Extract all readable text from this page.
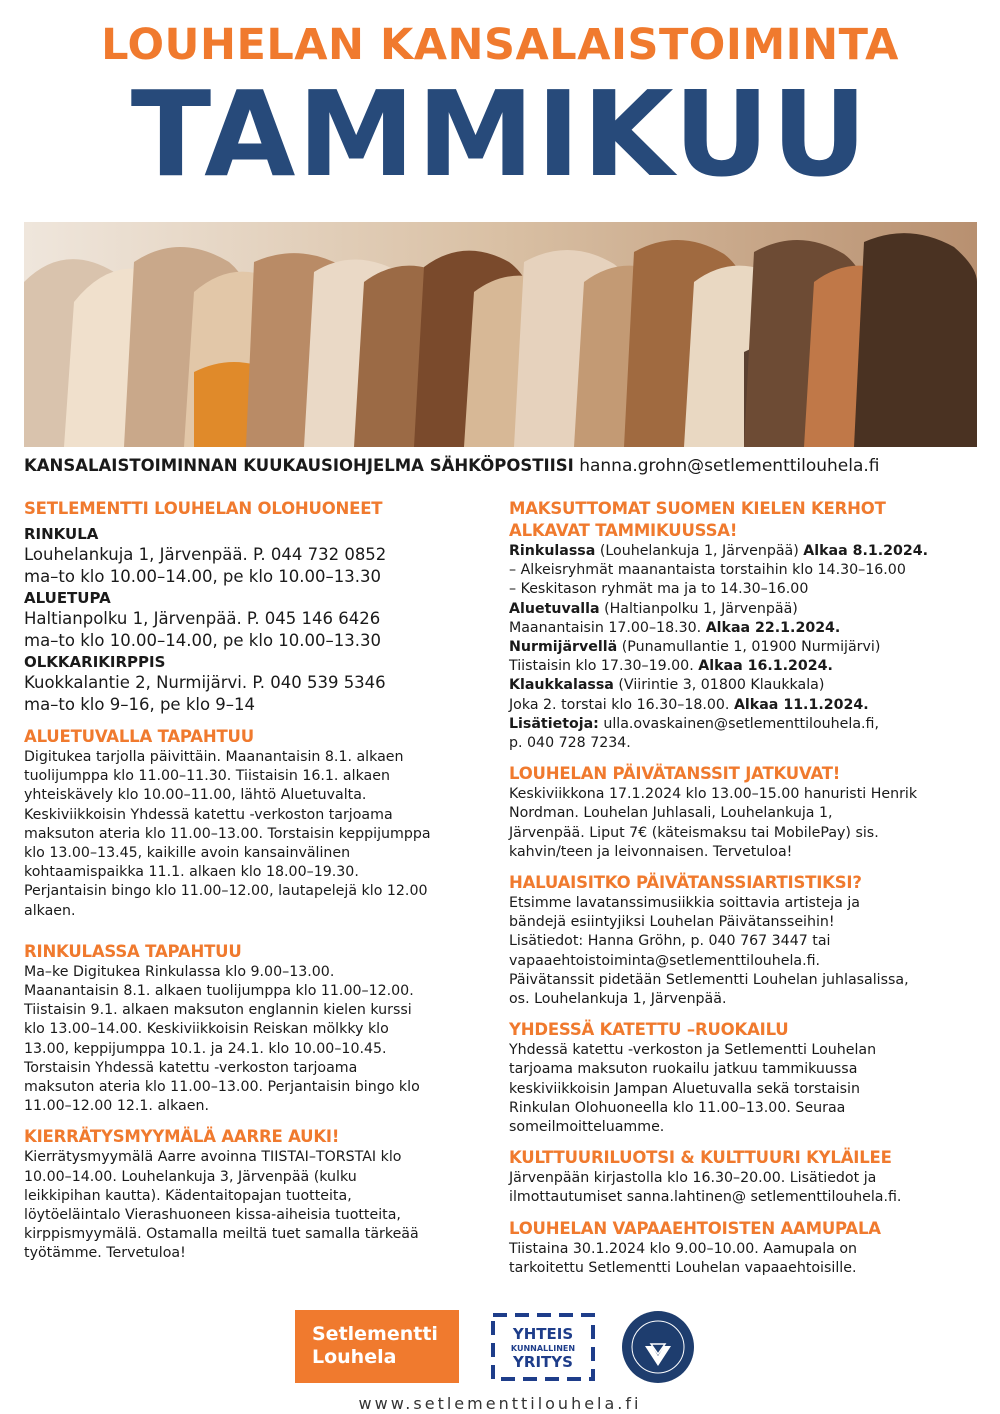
LOUHELAN KANSALAISTOIMINTA
TAMMIKUU
KANSALAISTOIMINNAN KUUKAUSIOHJELMA SÄHKÖPOSTIISI hanna.grohn@setlementtilouhela.fi
SETLEMENTTI LOUHELAN OLOHUONEET
RINKULA
Louhelankuja 1, Järvenpää. P. 044 732 0852
ma–to klo 10.00–14.00, pe klo 10.00–13.30
ALUETUPA
Haltianpolku 1, Järvenpää. P. 045 146 6426
ma–to klo 10.00–14.00, pe klo 10.00–13.30
OLKKARIKIRPPIS
Kuokkalantie 2, Nurmijärvi. P. 040 539 5346
ma–to klo 9–16, pe klo 9–14
ALUETUVALLA TAPAHTUU
Digitukea tarjolla päivittäin. Maanantaisin 8.1. alkaen
tuolijumppa klo 11.00–11.30. Tiistaisin 16.1. alkaen
yhteiskävely klo 10.00–11.00, lähtö Aluetuvalta.
Keskiviikkoisin Yhdessä katettu -verkoston tarjoama
maksuton ateria klo 11.00–13.00. Torstaisin keppijumppa
klo 13.00–13.45, kaikille avoin kansainvälinen
kohtaamispaikka 11.1. alkaen klo 18.00–19.30.
Perjantaisin bingo klo 11.00–12.00, lautapelejä klo 12.00
alkaen.
RINKULASSA TAPAHTUU
Ma–ke Digitukea Rinkulassa klo 9.00–13.00.
Maanantaisin 8.1. alkaen tuolijumppa klo 11.00–12.00.
Tiistaisin 9.1. alkaen maksuton englannin kielen kurssi
klo 13.00–14.00. Keskiviikkoisin Reiskan mölkky klo
13.00, keppijumppa 10.1. ja 24.1. klo 10.00–10.45.
Torstaisin Yhdessä katettu -verkoston tarjoama
maksuton ateria klo 11.00–13.00. Perjantaisin bingo klo
11.00–12.00 12.1. alkaen.
KIERRÄTYSMYYMÄLÄ AARRE AUKI!
Kierrätysmyymälä Aarre avoinna TIISTAI–TORSTAI klo
10.00–14.00. Louhelankuja 3, Järvenpää (kulku
leikkipihan kautta). Kädentaitopajan tuotteita,
löytöeläintalo Vierashuoneen kissa-aiheisia tuotteita,
kirppismyymälä. Ostamalla meiltä tuet samalla tärkeää
työtämme. Tervetuloa!
MAKSUTTOMAT SUOMEN KIELEN KERHOT
ALKAVAT TAMMIKUUSSA!
Rinkulassa (Louhelankuja 1, Järvenpää) Alkaa 8.1.2024.
– Alkeisryhmät maanantaista torstaihin klo 14.30–16.00
– Keskitason ryhmät ma ja to 14.30–16.00
Aluetuvalla (Haltianpolku 1, Järvenpää)
Maanantaisin 17.00–18.30. Alkaa 22.1.2024.
Nurmijärvellä (Punamullantie 1, 01900 Nurmijärvi)
Tiistaisin klo 17.30–19.00. Alkaa 16.1.2024.
Klaukkalassa (Viirintie 3, 01800 Klaukkala)
Joka 2. torstai klo 16.30–18.00. Alkaa 11.1.2024.
Lisätietoja: ulla.ovaskainen@setlementtilouhela.fi,
p. 040 728 7234.
LOUHELAN PÄIVÄTANSSIT JATKUVAT!
Keskiviikkona 17.1.2024 klo 13.00–15.00 hanuristi Henrik
Nordman. Louhelan Juhlasali, Louhelankuja 1,
Järvenpää. Liput 7€ (käteismaksu tai MobilePay) sis.
kahvin/teen ja leivonnaisen. Tervetuloa!
HALUAISITKO PÄIVÄTANSSIARTISTIKSI?
Etsimme lavatanssimusiikkia soittavia artisteja ja
bändejä esiintyjiksi Louhelan Päivätansseihin!
Lisätiedot: Hanna Gröhn, p. 040 767 3447 tai
vapaaehtoistoiminta@setlementtilouhela.fi.
Päivätanssit pidetään Setlementti Louhelan juhlasalissa,
os. Louhelankuja 1, Järvenpää.
YHDESSÄ KATETTU –RUOKAILU
Yhdessä katettu -verkoston ja Setlementti Louhelan
tarjoama maksuton ruokailu jatkuu tammikuussa
keskiviikkoisin Jampan Aluetuvalla sekä torstaisin
Rinkulan Olohuoneella klo 11.00–13.00. Seuraa
someilmoitteluamme.
KULTTUURILUOTSI & KULTTUURI KYLÄILEE
Järvenpään kirjastolla klo 16.30–20.00. Lisätiedot ja
ilmottautumiset sanna.lahtinen@ setlementtilouhela.fi.
LOUHELAN VAPAAEHTOISTEN AAMUPALA
Tiistaina 30.1.2024 klo 9.00–10.00. Aamupala on
tarkoitettu Setlementti Louhelan vapaaehtoisille.
Setlementti
Louhela
YHTEIS
KUNNALLINEN
YRITYS
www.setlementtilouhela.fi
